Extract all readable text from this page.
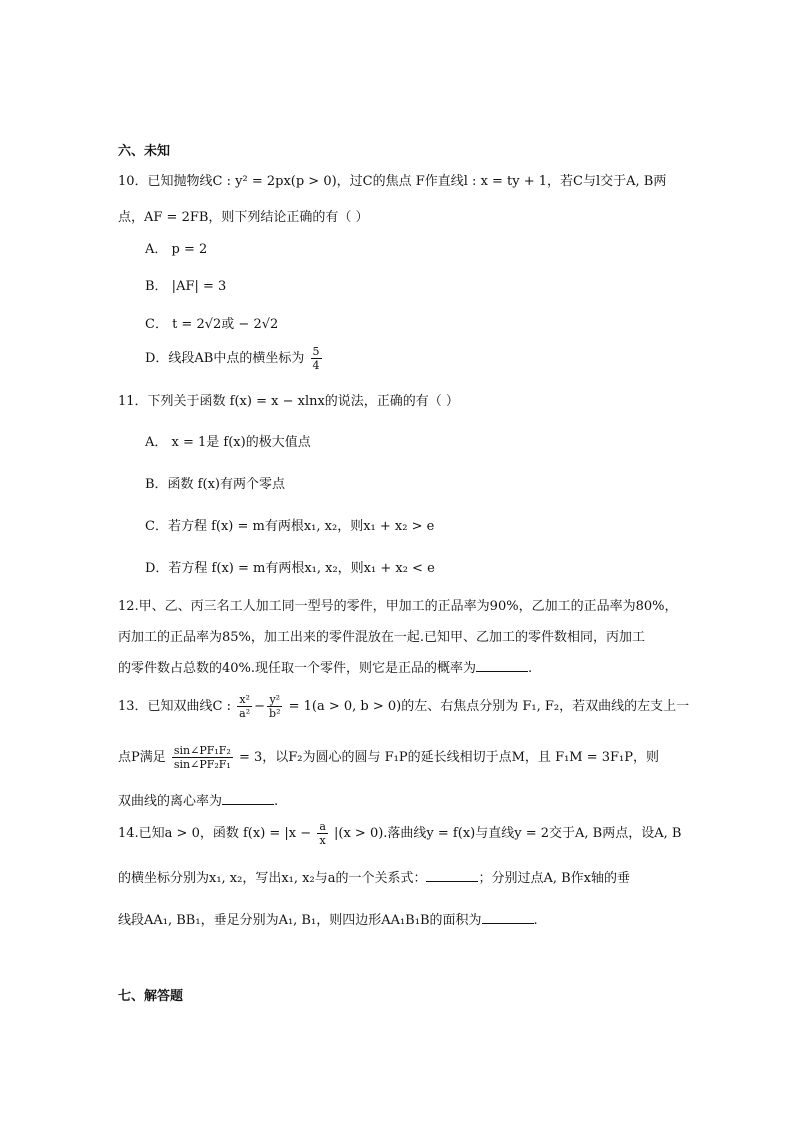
六、未知
10．已知抛物线C : y² = 2px(p > 0)，过C的焦点 F作直线l : x = ty + 1，若C与l交于A, B两
点，AF = 2FB，则下列结论正确的有（ ）
A． p = 2
B． |AF| = 3
C． t = 2√2或 − 2√2
D．线段AB中点的横坐标为 $\frac{5}{4}$
11．下列关于函数 f(x) = x − xlnx的说法，正确的有（ ）
A． x = 1是 f(x)的极大值点
B．函数 f(x)有两个零点
C．若方程 f(x) = m有两根x₁, x₂，则x₁ + x₂ > e
D．若方程 f(x) = m有两根x₁, x₂，则x₁ + x₂ < e
12.甲、乙、丙三名工人加工同一型号的零件，甲加工的正品率为90%，乙加工的正品率为80%，
丙加工的正品率为85%，加工出来的零件混放在一起.已知甲、乙加工的零件数相同，丙加工
的零件数占总数的40%.现任取一个零件，则它是正品的概率为	.
13．已知双曲线C : $\frac{\text{x²}}{\text{a²}} - \frac{\text{y²}}{\text{b²}} = 1(a > 0$, b > 0)的左、右焦点分别为 F₁, F₂，若双曲线的左支上一
点P满足 $\frac{\text{sin∠PF₁F₂}}{\text{sin∠PF₂F₁}} = 3$，以F₂为圆心的圆与 F₁P的延长线相切于点M，且 F₁M = 3F₁P，则
双曲线的离心率为	.
14.已知a > 0，函数 $f(x) = |x - \frac{a}{x} |(x > 0)$.落曲线y = f(x)与直线y = 2交于A, B两点，设A, B
的横坐标分别为x₁, x₂，写出x₁, x₂与a的一个关系式：	；分别过点A, B作x轴的垂
线段AA₁, BB₁，垂足分别为A₁, B₁，则四边形AA₁B₁B的面积为	.
七、解答题
